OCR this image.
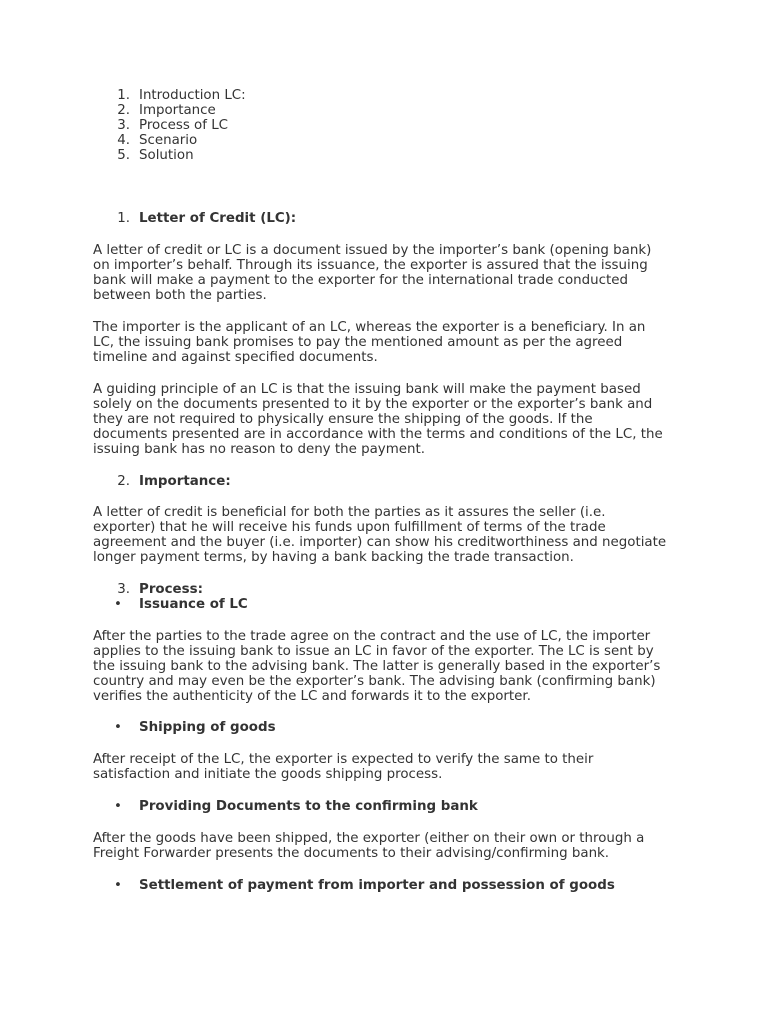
1. Introduction LC:
2. Importance
3. Process of LC
4. Scenario
5. Solution
1. Letter of Credit (LC):
A letter of credit or LC is a document issued by the importer’s bank (opening bank)
on importer’s behalf. Through its issuance, the exporter is assured that the issuing
bank will make a payment to the exporter for the international trade conducted
between both the parties.
The importer is the applicant of an LC, whereas the exporter is a beneficiary. In an
LC, the issuing bank promises to pay the mentioned amount as per the agreed
timeline and against specified documents.
A guiding principle of an LC is that the issuing bank will make the payment based
solely on the documents presented to it by the exporter or the exporter’s bank and
they are not required to physically ensure the shipping of the goods. If the
documents presented are in accordance with the terms and conditions of the LC, the
issuing bank has no reason to deny the payment.
2. Importance:
A letter of credit is beneficial for both the parties as it assures the seller (i.e.
exporter) that he will receive his funds upon fulfillment of terms of the trade
agreement and the buyer (i.e. importer) can show his creditworthiness and negotiate
longer payment terms, by having a bank backing the trade transaction.
3. Process:
• Issuance of LC
After the parties to the trade agree on the contract and the use of LC, the importer
applies to the issuing bank to issue an LC in favor of the exporter. The LC is sent by
the issuing bank to the advising bank. The latter is generally based in the exporter’s
country and may even be the exporter’s bank. The advising bank (confirming bank)
verifies the authenticity of the LC and forwards it to the exporter.
• Shipping of goods
After receipt of the LC, the exporter is expected to verify the same to their
satisfaction and initiate the goods shipping process.
• Providing Documents to the confirming bank
After the goods have been shipped, the exporter (either on their own or through a
Freight Forwarder presents the documents to their advising/confirming bank.
• Settlement of payment from importer and possession of goods
